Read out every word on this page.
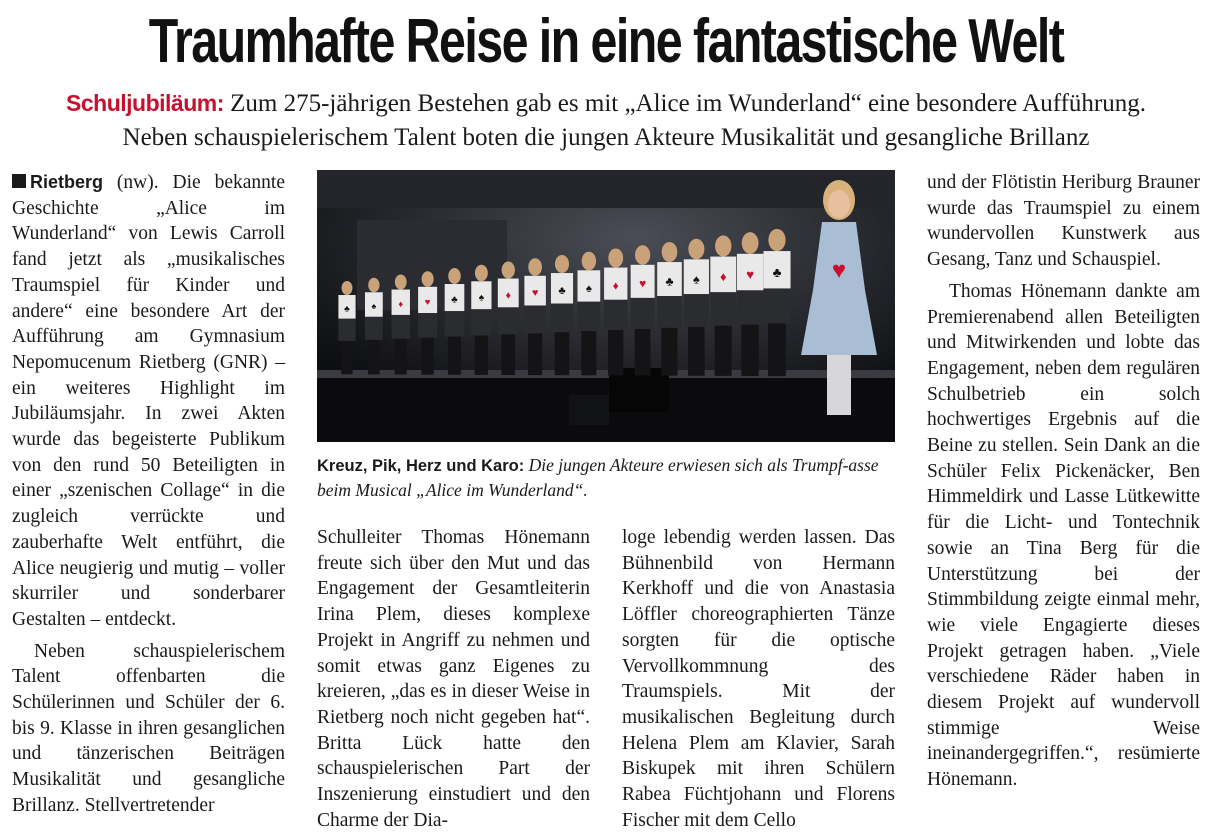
Traumhafte Reise in eine fantastische Welt
Schuljubiläum: Zum 275-jährigen Bestehen gab es mit „Alice im Wunderland“ eine besondere Aufführung.
Neben schauspielerischem Talent boten die jungen Akteure Musikalität und gesangliche Brillanz

Rietberg (nw). Die bekannte Geschichte „Alice im Wunderland“ von Lewis Carroll fand jetzt als „musikalisches Traumspiel für Kinder und andere“ eine besondere Art der Aufführung am Gymnasium Nepomucenum Rietberg (GNR) – ein weiteres Highlight im Jubiläumsjahr. In zwei Akten wurde das begeisterte Publikum von den rund 50 Beteiligten in einer „szenischen Collage“ in die zugleich verrückte und zauberhafte Welt entführt, die Alice neugierig und mutig – voller skurriler und sonderbarer Gestalten – entdeckt.

Neben schauspielerischem Talent offenbarten die Schülerinnen und Schüler der 6. bis 9. Klasse in ihren gesanglichen und tänzerischen Beiträgen Musikalität und gesangliche Brillanz. Stellvertretender

♣ ♠ ♦ ♥ ♣ ♠ ♦ ♥ ♣ ♠ ♦ ♥ ♣ ♠ ♦ ♥ ♣ ♥
Kreuz, Pik, Herz und Karo: Die jungen Akteure erwiesen sich als Trumpf-asse beim Musical „Alice im Wunderland“.

Schulleiter Thomas Hönemann freute sich über den Mut und das Engagement der Gesamtleiterin Irina Plem, dieses komplexe Projekt in Angriff zu nehmen und somit etwas ganz Eigenes zu kreieren, „das es in dieser Weise in Rietberg noch nicht gegeben hat“. Britta Lück hatte den schauspielerischen Part der Inszenierung einstudiert und den Charme der Dia-

loge lebendig werden lassen. Das Bühnenbild von Hermann Kerkhoff und die von Anastasia Löffler choreographierten Tänze sorgten für die optische Vervollkommnung des Traumspiels. Mit der musikalischen Begleitung durch Helena Plem am Klavier, Sarah Biskupek mit ihren Schülern Rabea Füchtjohann und Florens Fischer mit dem Cello

und der Flötistin Heriburg Brauner wurde das Traumspiel zu einem wundervollen Kunstwerk aus Gesang, Tanz und Schauspiel.

Thomas Hönemann dankte am Premierenabend allen Beteiligten und Mitwirkenden und lobte das Engagement, neben dem regulären Schulbetrieb ein solch hochwertiges Ergebnis auf die Beine zu stellen. Sein Dank an die Schüler Felix Pickenäcker, Ben Himmeldirk und Lasse Lütkewitte für die Licht- und Tontechnik sowie an Tina Berg für die Unterstützung bei der Stimmbildung zeigte einmal mehr, wie viele Engagierte dieses Projekt getragen haben. „Viele verschiedene Räder haben in diesem Projekt auf wundervoll stimmige Weise ineinandergegriffen.“, resümierte Hönemann.
